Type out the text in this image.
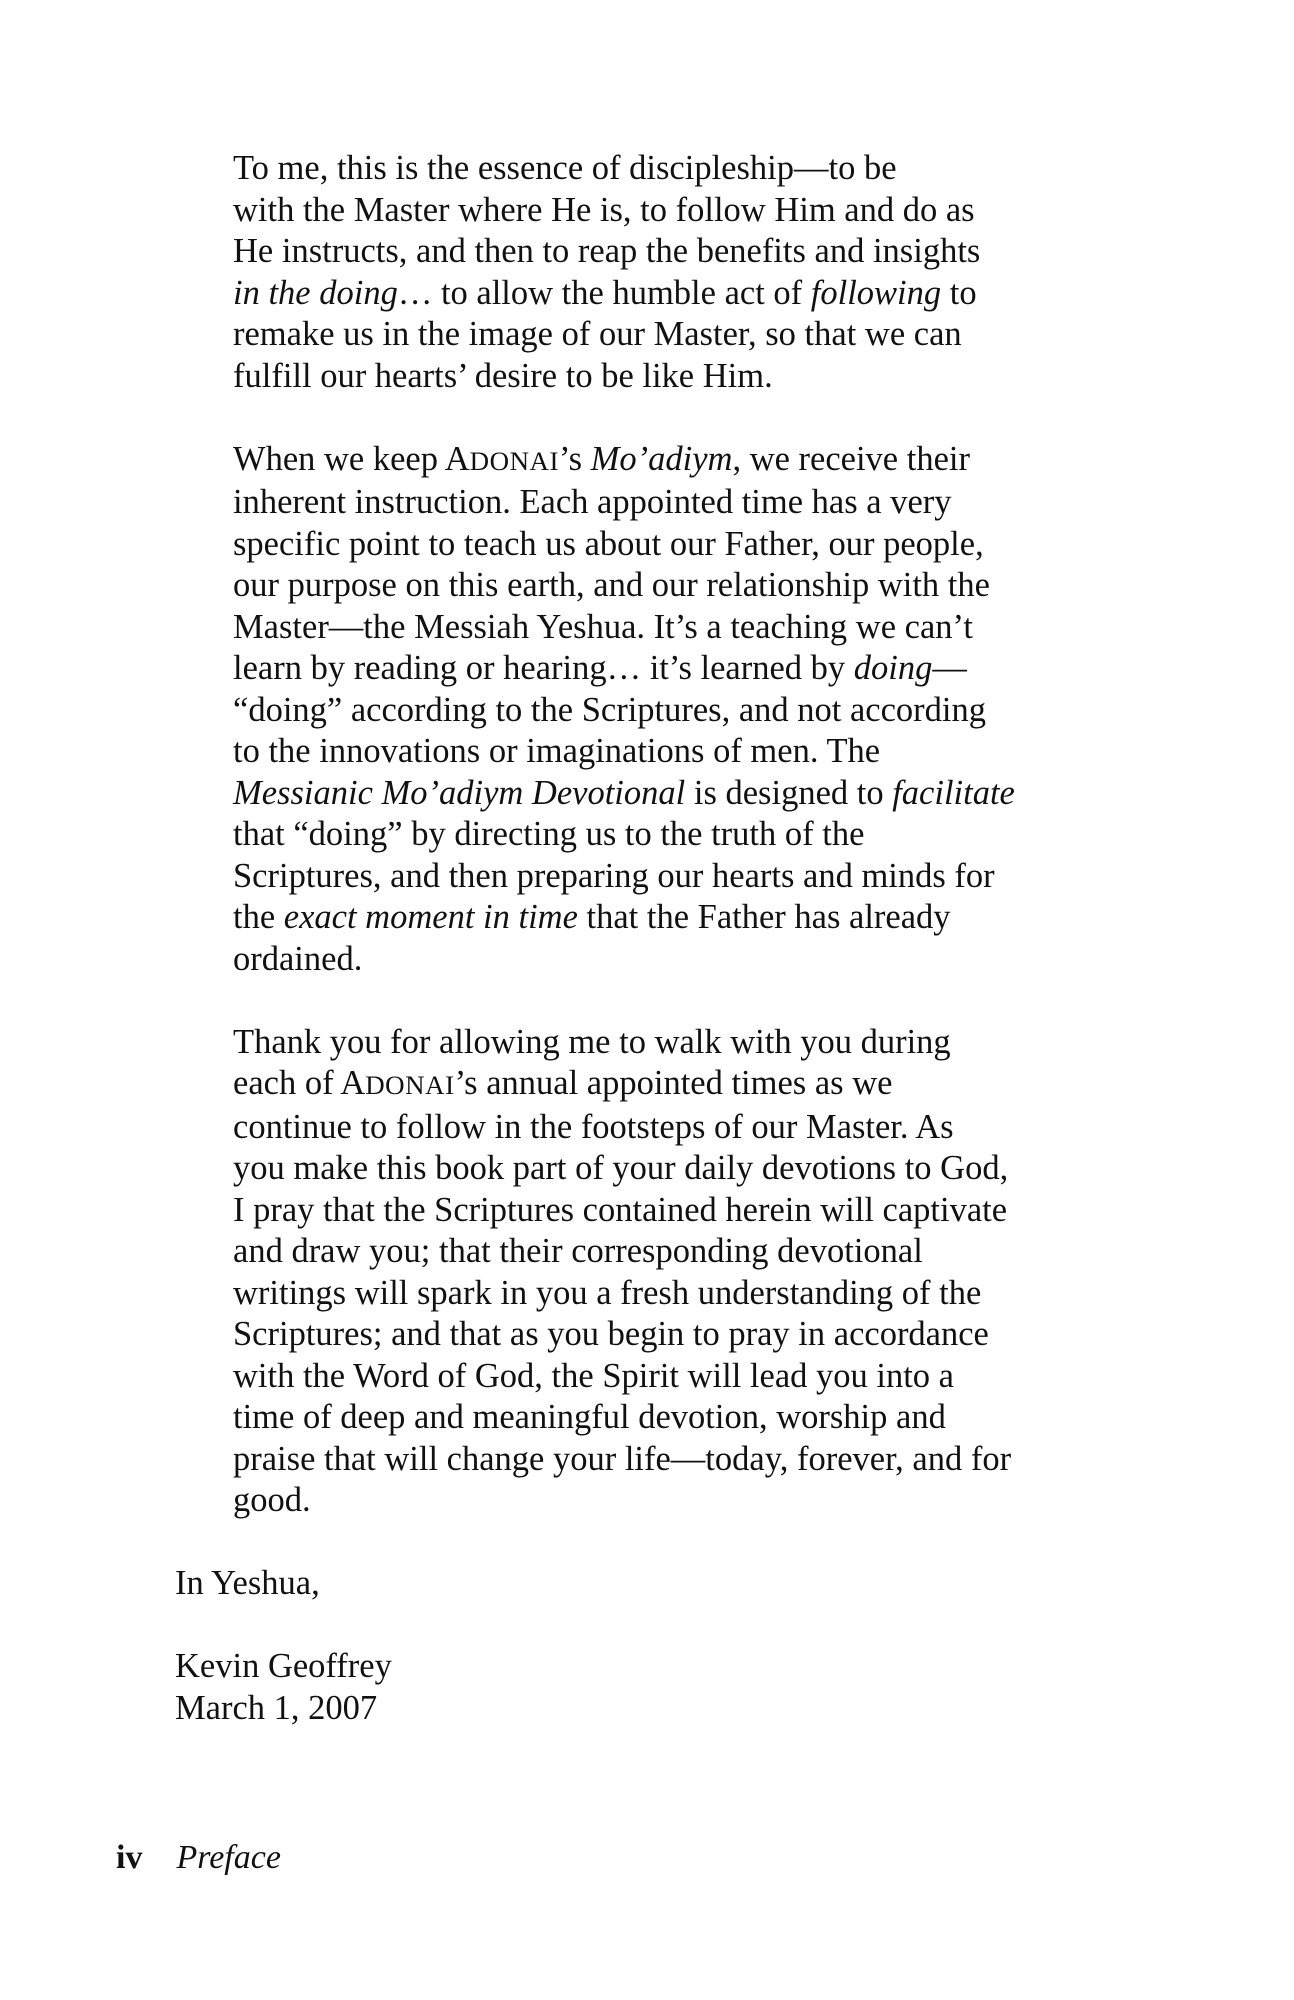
To me, this is the essence of discipleship—to be
with the Master where He is, to follow Him and do as
He instructs, and then to reap the benefits and insights
in the doing… to allow the humble act of following to
remake us in the image of our Master, so that we can
fulfill our hearts’ desire to be like Him.

When we keep ADONAI’s Mo’adiym, we receive their
inherent instruction. Each appointed time has a very
specific point to teach us about our Father, our people,
our purpose on this earth, and our relationship with the
Master—the Messiah Yeshua. It’s a teaching we can’t
learn by reading or hearing… it’s learned by doing—
“doing” according to the Scriptures, and not according
to the innovations or imaginations of men. The
Messianic Mo’adiym Devotional is designed to facilitate
that “doing” by directing us to the truth of the
Scriptures, and then preparing our hearts and minds for
the exact moment in time that the Father has already
ordained.

Thank you for allowing me to walk with you during
each of ADONAI’s annual appointed times as we
continue to follow in the footsteps of our Master. As
you make this book part of your daily devotions to God,
I pray that the Scriptures contained herein will captivate
and draw you; that their corresponding devotional
writings will spark in you a fresh understanding of the
Scriptures; and that as you begin to pray in accordance
with the Word of God, the Spirit will lead you into a
time of deep and meaningful devotion, worship and
praise that will change your life—today, forever, and for
good.

In Yeshua,

Kevin Geoffrey
March 1, 2007

iv Preface
